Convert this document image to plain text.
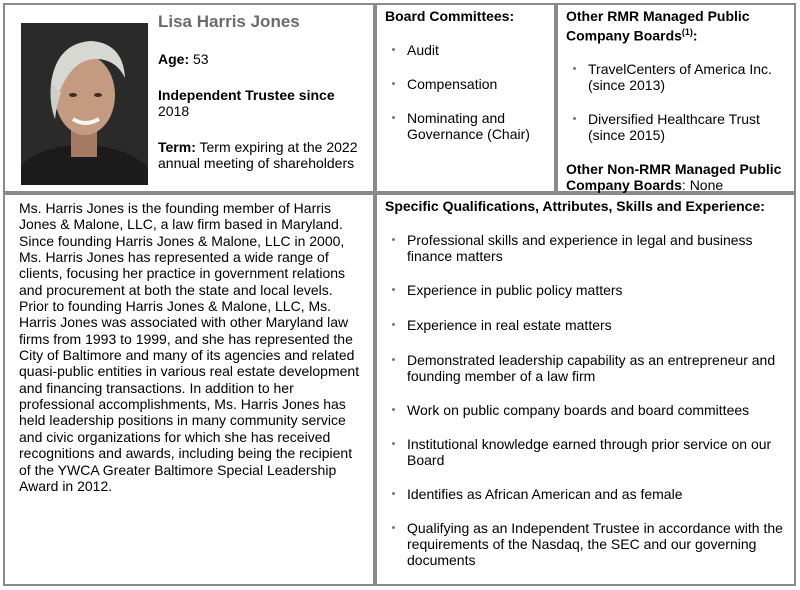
Lisa Harris Jones
Age: 53
Independent Trustee since
2018
Term: Term expiring at the 2022 annual meeting of shareholders
Board Committees:
Audit
Compensation
Nominating and Governance (Chair)
Other RMR Managed Public Company Boards$^{(1)}$:
TravelCenters of America Inc. (since 2013)
Diversified Healthcare Trust (since 2015)
Other Non-RMR Managed Public Company Boards: None
Ms. Harris Jones is the founding member of Harris Jones & Malone, LLC, a law firm based in Maryland. Since founding Harris Jones & Malone, LLC in 2000, Ms. Harris Jones has represented a wide range of clients, focusing her practice in government relations and procurement at both the state and local levels. Prior to founding Harris Jones & Malone, LLC, Ms. Harris Jones was associated with other Maryland law firms from 1993 to 1999, and she has represented the City of Baltimore and many of its agencies and related quasi-public entities in various real estate development and financing transactions. In addition to her professional accomplishments, Ms. Harris Jones has held leadership positions in many community service and civic organizations for which she has received recognitions and awards, including being the recipient of the YWCA Greater Baltimore Special Leadership Award in 2012.
Specific Qualifications, Attributes, Skills and Experience:
Professional skills and experience in legal and business finance matters
Experience in public policy matters
Experience in real estate matters
Demonstrated leadership capability as an entrepreneur and founding member of a law firm
Work on public company boards and board committees
Institutional knowledge earned through prior service on our Board
Identifies as African American and as female
Qualifying as an Independent Trustee in accordance with the requirements of the Nasdaq, the SEC and our governing documents
